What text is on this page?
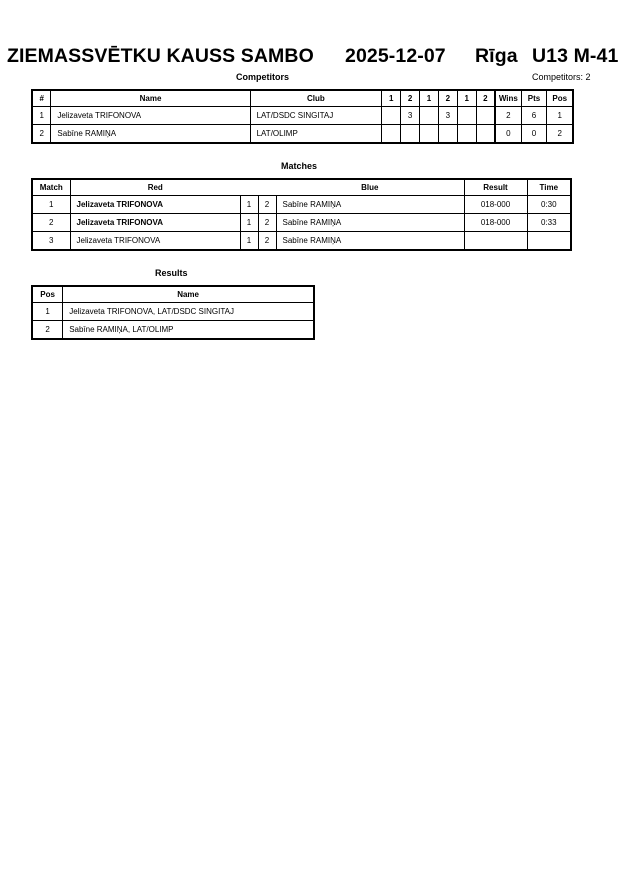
ZIEMASSVĒTKU KAUSS SAMBO 2025-12-07 Rīga U13 M-41
Competitors	Competitors: 2
#	Name	Club	1	2	1	2	1	2	Wins	Pts	Pos
1	Jelizaveta TRIFONOVA	LAT/DSDC SINGITAJ		3		3			2	6	1
2	Sabīne RAMIŅA	LAT/OLIMP							0	0	2
Matches
Match	Red			Blue	Result	Time
1	Jelizaveta TRIFONOVA	1	2	Sabīne RAMIŅA	018-000	0:30
2	Jelizaveta TRIFONOVA	1	2	Sabīne RAMIŅA	018-000	0:33
3	Jelizaveta TRIFONOVA	1	2	Sabīne RAMIŅA		
Results
Pos	Name
1	Jelizaveta TRIFONOVA, LAT/DSDC SINGITAJ
2	Sabīne RAMIŅA, LAT/OLIMP
